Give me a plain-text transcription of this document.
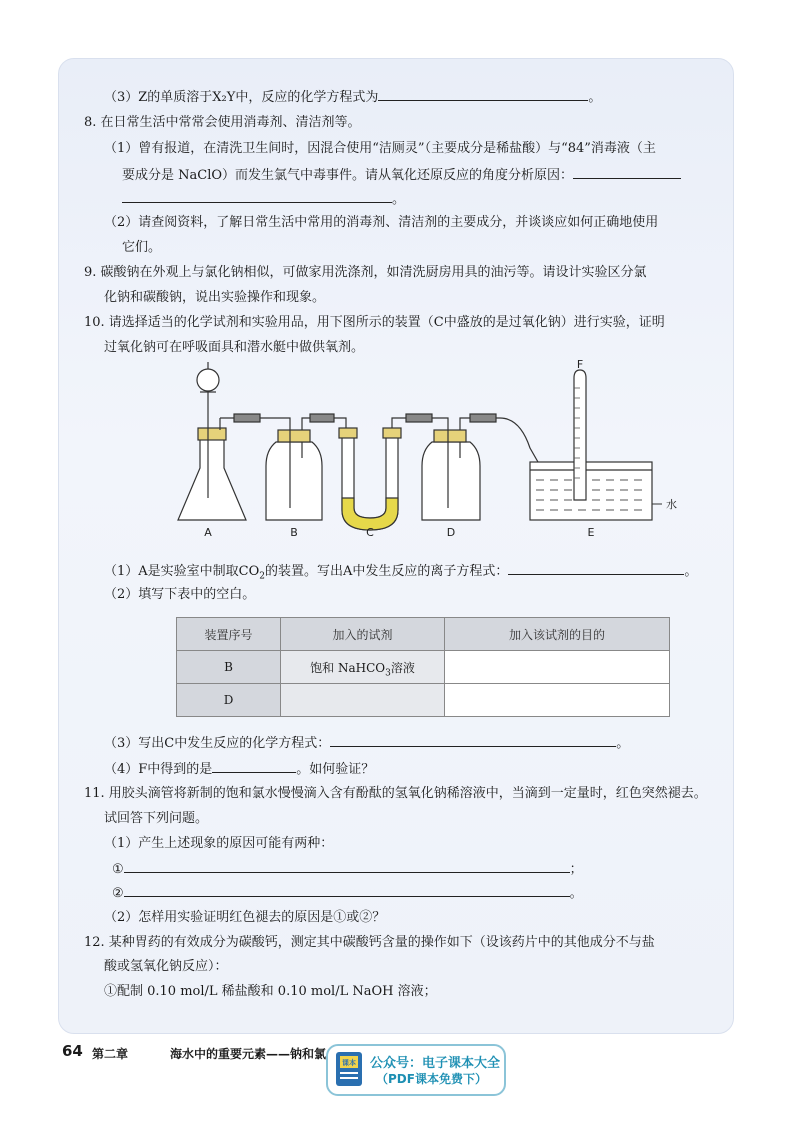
（3）Z的单质溶于X₂Y中，反应的化学方程式为	。
8. 在日常生活中常常会使用消毒剂、清洁剂等。
（1）曾有报道，在清洗卫生间时，因混合使用“洁厕灵”（主要成分是稀盐酸）与“84”消毒液（主
要成分是 NaClO）而发生氯气中毒事件。请从氧化还原反应的角度分析原因：
。
（2）请查阅资料，了解日常生活中常用的消毒剂、清洁剂的主要成分，并谈谈应如何正确地使用
它们。
9. 碳酸钠在外观上与氯化钠相似，可做家用洗涤剂，如清洗厨房用具的油污等。请设计实验区分氯
化钠和碳酸钠，说出实验操作和现象。
10. 请选择适当的化学试剂和实验用品，用下图所示的装置（C中盛放的是过氧化钠）进行实验，证明
过氧化钠可在呼吸面具和潜水艇中做供氧剂。
A	B	C	D	E
F
水
（1）A是实验室中制取$CO_2$的装置。写出A中发生反应的离子方程式：	。
（2）填写下表中的空白。
装置序号	加入的试剂	加入该试剂的目的
B	饱和 NaHCO$_3$溶液	
D		
（3）写出C中发生反应的化学方程式：	。
（4）F中得到的是	。如何验证？
11. 用胶头滴管将新制的饱和氯水慢慢滴入含有酚酞的氢氧化钠稀溶液中，当滴到一定量时，红色突然褪去。
试回答下列问题。
（1）产生上述现象的原因可能有两种：
①	；
②	。
（2）怎样用实验证明红色褪去的原因是①或②？
12. 某种胃药的有效成分为碳酸钙，测定其中碳酸钙含量的操作如下（设该药片中的其他成分不与盐
酸或氢氧化钠反应）：
①配制 0.10 mol/L 稀盐酸和 0.10 mol/L NaOH 溶液；
64 第二章	海水中的重要元素——钠和氯
课本 公众号：电子课本大全
（PDF课本免费下）
